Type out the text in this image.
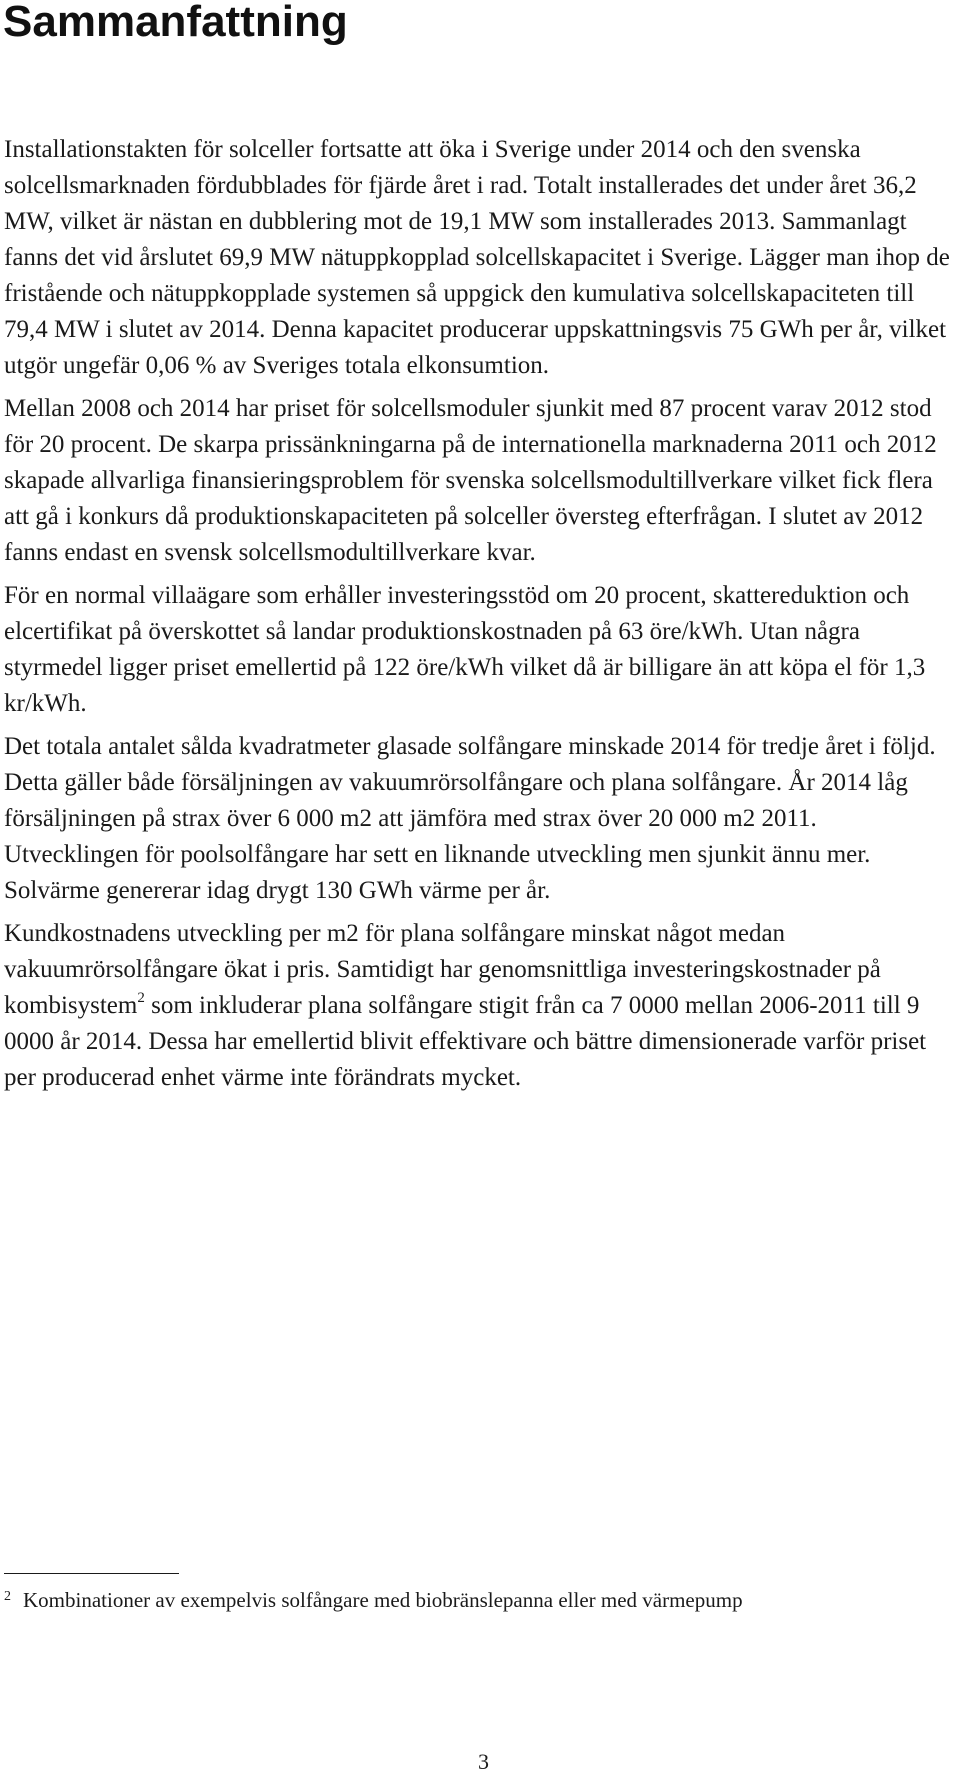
Sammanfattning

Installationstakten för solceller fortsatte att öka i Sverige under 2014 och den svenska solcellsmarknaden fördubblades för fjärde året i rad. Totalt installerades det under året 36,2 MW, vilket är nästan en dubblering mot de 19,1 MW som installerades 2013. Sammanlagt fanns det vid årslutet 69,9 MW nätuppkopplad solcellskapacitet i Sverige. Lägger man ihop de fristående och nätuppkopplade systemen så uppgick den kumulativa solcellskapaciteten till 79,4 MW i slutet av 2014. Denna kapacitet producerar uppskattningsvis 75 GWh per år, vilket utgör ungefär 0,06 % av Sveriges totala elkonsumtion.

Mellan 2008 och 2014 har priset för solcellsmoduler sjunkit med 87 procent varav 2012 stod för 20 procent. De skarpa prissänkningarna på de internationella marknaderna 2011 och 2012 skapade allvarliga finansieringsproblem för svenska solcellsmodultillverkare vilket fick flera att gå i konkurs då produktionskapaciteten på solceller översteg efterfrågan. I slutet av 2012 fanns endast en svensk solcellsmodultillverkare kvar.

För en normal villaägare som erhåller investeringsstöd om 20 procent, skattereduktion och elcertifikat på överskottet så landar produktionskostnaden på 63 öre/kWh. Utan några styrmedel ligger priset emellertid på 122 öre/kWh vilket då är billigare än att köpa el för 1,3 kr/kWh.

Det totala antalet sålda kvadratmeter glasade solfångare minskade 2014 för tredje året i följd. Detta gäller både försäljningen av vakuumrörsolfångare och plana solfångare. År 2014 låg försäljningen på strax över 6 000 m2 att jämföra med strax över 20 000 m2 2011. Utvecklingen för poolsolfångare har sett en liknande utveckling men sjunkit ännu mer. Solvärme genererar idag drygt 130 GWh värme per år.

Kundkostnadens utveckling per m2 för plana solfångare minskat något medan vakuumrörsolfångare ökat i pris. Samtidigt har genomsnittliga investeringskostnader på kombisystem$^2$ som inkluderar plana solfångare stigit från ca 7 0000 mellan 2006-2011 till 9 0000 år 2014. Dessa har emellertid blivit effektivare och bättre dimensionerade varför priset per producerad enhet värme inte förändrats mycket.

$^2$ Kombinationer av exempelvis solfångare med biobränslepanna eller med värmepump
3
